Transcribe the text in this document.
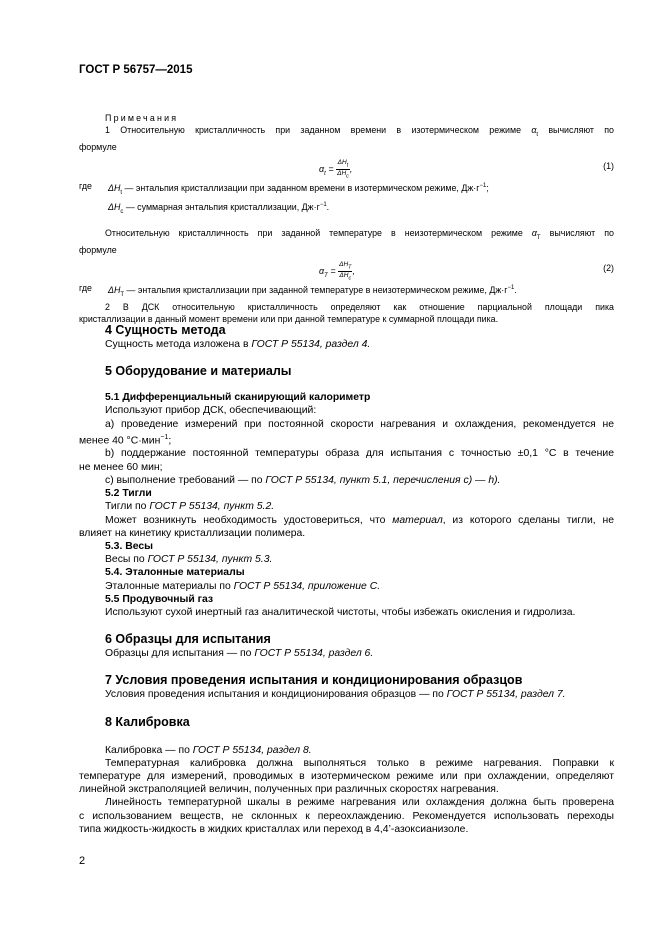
ГОСТ Р 56757—2015

Примечания

1 Относительную кристалличность при заданном времени в изотермическом режиме $\alpha_t$ вычисляют по

формуле

$\alpha_t = \frac{\Delta H_t}{\Delta H_c}$ ,	(1)

где	$\Delta H_t$ — энтальпия кристаллизации при заданном времени в изотермическом режиме, $Дж\cdot г^{-1}$;

$\Delta H_c$ — суммарная энтальпия кристаллизации, $Дж\cdot г^{-1}$.

Относительную кристалличность при заданной температуре в неизотермическом режиме $\alpha_T$ вычисляют по

формуле

$\alpha_T = \frac{\Delta H_T}{\Delta H_c}$ ,	(2)

где	$\Delta H_T$ — энтальпия кристаллизации при заданной температуре в неизотермическом режиме, $Дж\cdot г^{-1}$.

2 В ДСК относительную кристалличность определяют как отношение парциальной площади пика

кристаллизации в данный момент времени или при данной температуре к суммарной площади пика.

4 Сущность метода

Сущность метода изложена в ГОСТ Р 55134, раздел 4.

5 Оборудование и материалы

5.1 Дифференциальный сканирующий калориметр

Используют прибор ДСК, обеспечивающий:

а) проведение измерений при постоянной скорости нагревания и охлаждения, рекомендуется не

менее 40 °С·мин$^{-1}$;

b) поддержание постоянной температуры образа для испытания с точностью ±0,1 °С в течение

не менее 60 мин;

с) выполнение требований — по ГОСТ Р 55134, пункт 5.1, перечисления с) — h).

5.2 Тигли

Тигли по ГОСТ Р 55134, пункт 5.2.

Может возникнуть необходимость удостовериться, что материал, из которого сделаны тигли, не

влияет на кинетику кристаллизации полимера.

5.3. Весы

Весы по ГОСТ Р 55134, пункт 5.3.

5.4. Эталонные материалы

Эталонные материалы по ГОСТ Р 55134, приложение С.

5.5 Продувочный газ

Используют сухой инертный газ аналитической чистоты, чтобы избежать окисления и гидролиза.

6 Образцы для испытания

Образцы для испытания — по ГОСТ Р 55134, раздел 6.

7 Условия проведения испытания и кондиционирования образцов

Условия проведения испытания и кондиционирования образцов — по ГОСТ Р 55134, раздел 7.

8 Калибровка

Калибровка — по ГОСТ Р 55134, раздел 8.

Температурная калибровка должна выполняться только в режиме нагревания. Поправки к

температуре для измерений, проводимых в изотермическом режиме или при охлаждении, определяют

линейной экстраполяцией величин, полученных при различных скоростях нагревания.

Линейность температурной шкалы в режиме нагревания или охлаждения должна быть проверена

с использованием веществ, не склонных к переохлаждению. Рекомендуется использовать переходы

типа жидкость-жидкость в жидких кристаллах или переход в 4,4’-азоксианизоле.

2
